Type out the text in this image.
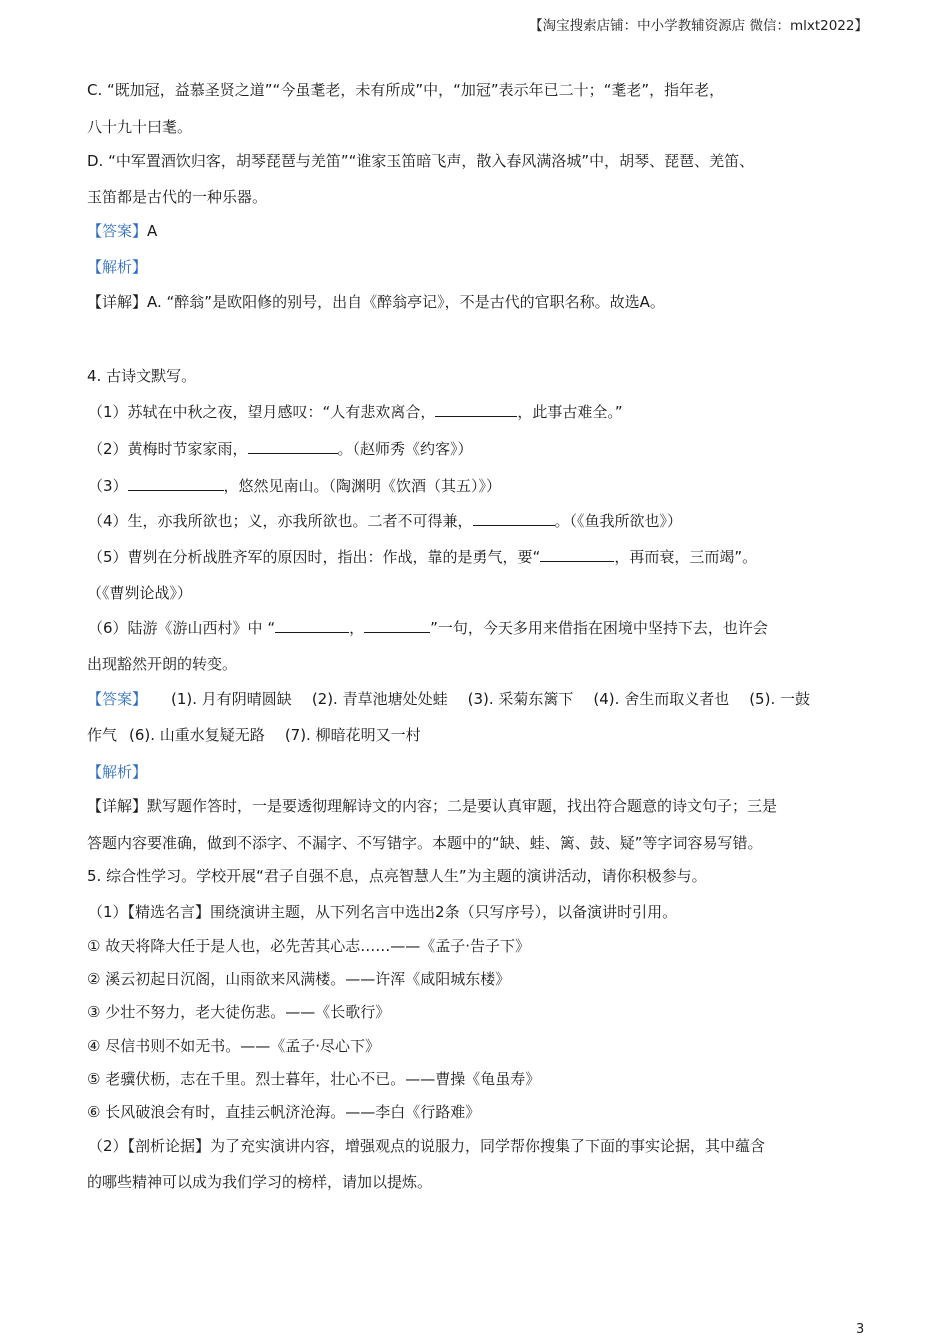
【淘宝搜索店铺：中小学教辅资源店 微信：mlxt2022】
C. “既加冠，益慕圣贤之道”“今虽耄老，未有所成”中，“加冠”表示年已二十；“耄老”，指年老，
八十九十曰耄。
D. “中军置酒饮归客，胡琴琵琶与羌笛”“谁家玉笛暗飞声，散入春风满洛城”中，胡琴、琵琶、羌笛、
玉笛都是古代的一种乐器。
【答案】A
【解析】
【详解】A. “醉翁”是欧阳修的别号，出自《醉翁亭记》，不是古代的官职名称。故选A。
4. 古诗文默写。
（1）苏轼在中秋之夜，望月感叹：“人有悲欢离合，	，此事古难全。”
（2）黄梅时节家家雨，	。（赵师秀《约客》）
（3）	，悠然见南山。（陶渊明《饮酒（其五）》）
（4）生，亦我所欲也；义，亦我所欲也。二者不可得兼，	。（《鱼我所欲也》）
（5）曹刿在分析战胜齐军的原因时，指出：作战，靠的是勇气，要“	，再而衰，三而竭”。
（《曹刿论战》）
（6）陆游《游山西村》中 “	，	”一句，今天多用来借指在困境中坚持下去，也许会
出现豁然开朗的转变。
【答案】 (1). 月有阴晴圆缺 (2). 青草池塘处处蛙 (3). 采菊东篱下 (4). 舍生而取义者也 (5). 一鼓
作气 (6). 山重水复疑无路 (7). 柳暗花明又一村
【解析】
【详解】默写题作答时，一是要透彻理解诗文的内容；二是要认真审题，找出符合题意的诗文句子；三是
答题内容要准确，做到不添字、不漏字、不写错字。本题中的“缺、蛙、篱、鼓、疑”等字词容易写错。
5. 综合性学习。学校开展“君子自强不息，点亮智慧人生”为主题的演讲活动，请你积极参与。
（1）【精选名言】围绕演讲主题，从下列名言中选出2条（只写序号），以备演讲时引用。
① 故天将降大任于是人也，必先苦其心志……——《孟子·告子下》
② 溪云初起日沉阁，山雨欲来风满楼。——许浑《咸阳城东楼》
③ 少壮不努力，老大徒伤悲。——《长歌行》
④ 尽信书则不如无书。——《孟子·尽心下》
⑤ 老骥伏枥，志在千里。烈士暮年，壮心不已。——曹操《龟虽寿》
⑥ 长风破浪会有时，直挂云帆济沧海。——李白《行路难》
（2）【剖析论据】为了充实演讲内容，增强观点的说服力，同学帮你搜集了下面的事实论据，其中蕴含
的哪些精神可以成为我们学习的榜样，请加以提炼。
3
